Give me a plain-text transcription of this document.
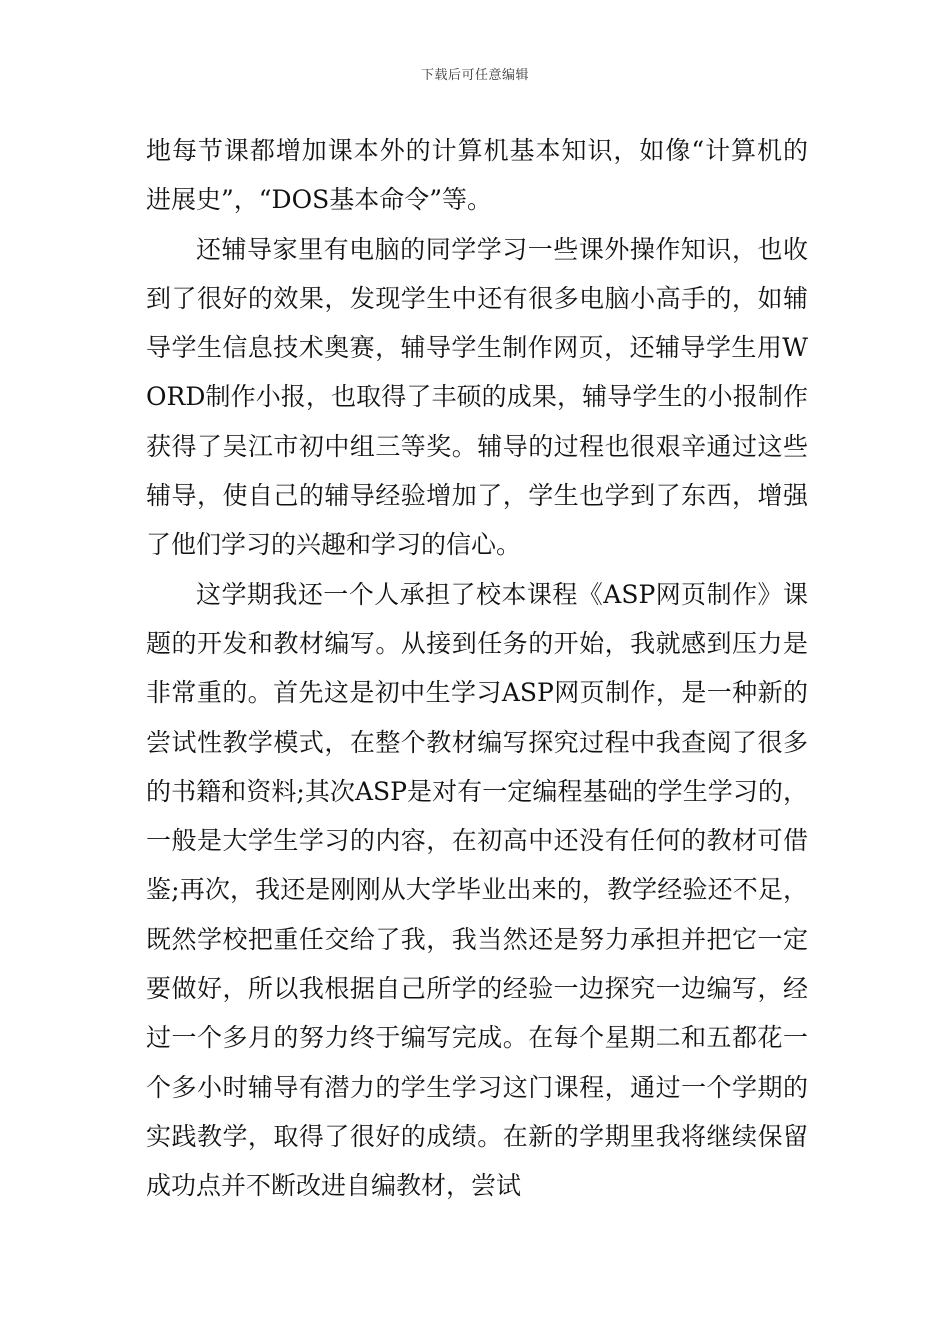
下载后可任意编辑

地每节课都增加课本外的计算机基本知识，如像“计算机的进展史”，“DOS基本命令”等。

还辅导家里有电脑的同学学习一些课外操作知识，也收到了很好的效果，发现学生中还有很多电脑小高手的，如辅导学生信息技术奥赛，辅导学生制作网页，还辅导学生用WORD制作小报，也取得了丰硕的成果，辅导学生的小报制作获得了吴江市初中组三等奖。辅导的过程也很艰辛通过这些辅导，使自己的辅导经验增加了，学生也学到了东西，增强了他们学习的兴趣和学习的信心。

这学期我还一个人承担了校本课程《ASP网页制作》课题的开发和教材编写。从接到任务的开始，我就感到压力是非常重的。首先这是初中生学习ASP网页制作，是一种新的尝试性教学模式，在整个教材编写探究过程中我查阅了很多的书籍和资料;其次ASP是对有一定编程基础的学生学习的，一般是大学生学习的内容，在初高中还没有任何的教材可借鉴;再次，我还是刚刚从大学毕业出来的，教学经验还不足，既然学校把重任交给了我，我当然还是努力承担并把它一定要做好，所以我根据自己所学的经验一边探究一边编写，经过一个多月的努力终于编写完成。在每个星期二和五都花一个多小时辅导有潜力的学生学习这门课程，通过一个学期的实践教学，取得了很好的成绩。在新的学期里我将继续保留成功点并不断改进自编教材，尝试
